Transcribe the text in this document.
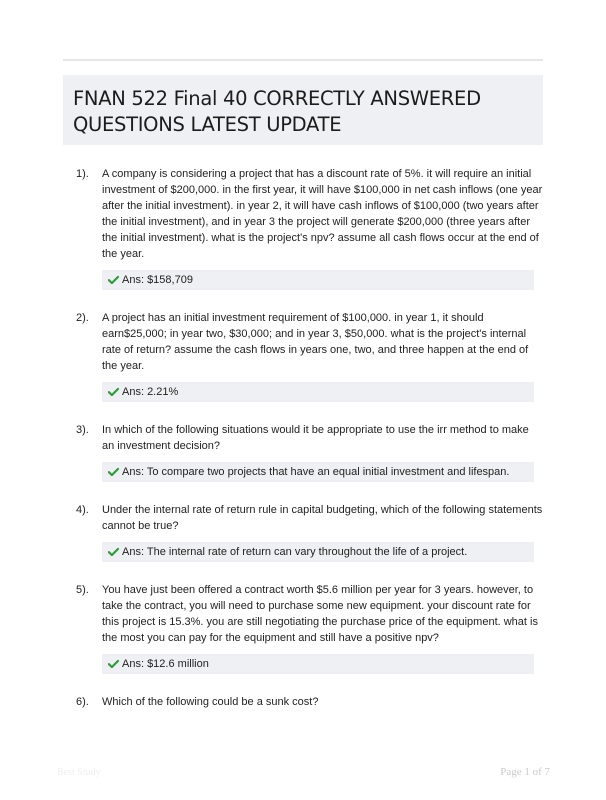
FNAN 522 Final 40 CORRECTLY ANSWERED QUESTIONS LATEST UPDATE
1). A company is considering a project that has a discount rate of 5%. it will require an initial investment of $200,000. in the first year, it will have $100,000 in net cash inflows (one year after the initial investment). in year 2, it will have cash inflows of $100,000 (two years after the initial investment), and in year 3 the project will generate $200,000 (three years after the initial investment). what is the project's npv? assume all cash flows occur at the end of the year.
Ans: $158,709
2). A project has an initial investment requirement of $100,000. in year 1, it should earn$25,000; in year two, $30,000; and in year 3, $50,000. what is the project's internal rate of return? assume the cash flows in years one, two, and three happen at the end of the year.
Ans: 2.21%
3). In which of the following situations would it be appropriate to use the irr method to make an investment decision?
Ans: To compare two projects that have an equal initial investment and lifespan.
4). Under the internal rate of return rule in capital budgeting, which of the following statements cannot be true?
Ans: The internal rate of return can vary throughout the life of a project.
5). You have just been offered a contract worth $5.6 million per year for 3 years. however, to take the contract, you will need to purchase some new equipment. your discount rate for this project is 15.3%. you are still negotiating the purchase price of the equipment. what is the most you can pay for the equipment and still have a positive npv?
Ans: $12.6 million
6). Which of the following could be a sunk cost?
Best Study	Page 1 of 7
